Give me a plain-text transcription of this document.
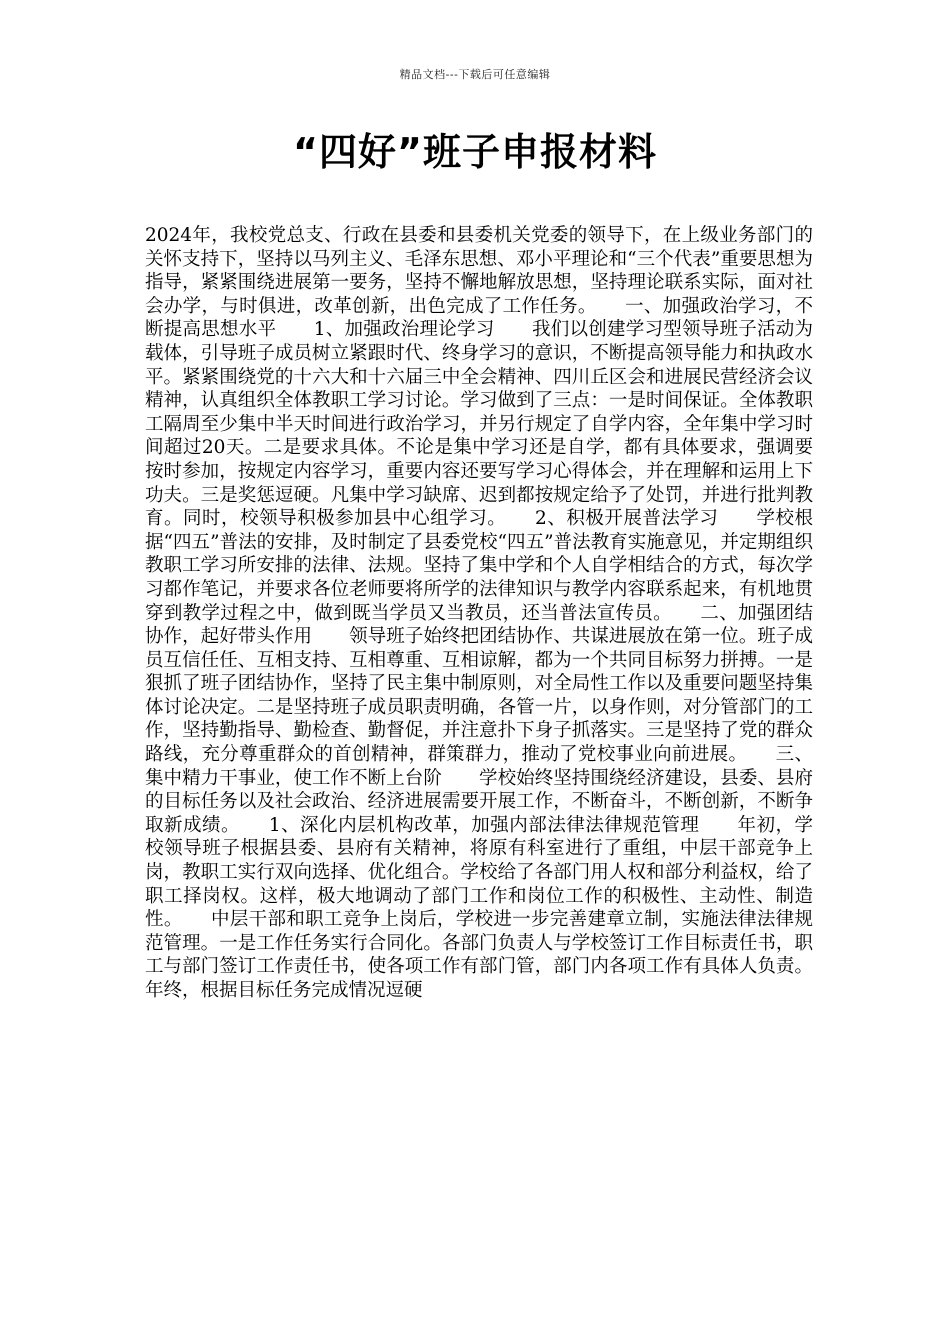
精品文档---下载后可任意编辑
“四好”班子申报材料

2024年，我校党总支、行政在县委和县委机关党委的领导下，在上级业务部门的关怀支持下，坚持以马列主义、毛泽东思想、邓小平理论和“三个代表”重要思想为指导，紧紧围绕进展第一要务，坚持不懈地解放思想，坚持理论联系实际，面对社会办学，与时俱进，改革创新，出色完成了工作任务。　　一、加强政治学习，不断提高思想水平　　1、加强政治理论学习　　我们以创建学习型领导班子活动为载体，引导班子成员树立紧跟时代、终身学习的意识，不断提高领导能力和执政水平。紧紧围绕党的十六大和十六届三中全会精神、四川丘区会和进展民营经济会议精神，认真组织全体教职工学习讨论。学习做到了三点：一是时间保证。全体教职工隔周至少集中半天时间进行政治学习，并另行规定了自学内容，全年集中学习时间超过20天。二是要求具体。不论是集中学习还是自学，都有具体要求，强调要按时参加，按规定内容学习，重要内容还要写学习心得体会，并在理解和运用上下功夫。三是奖惩逗硬。凡集中学习缺席、迟到都按规定给予了处罚，并进行批判教育。同时，校领导积极参加县中心组学习。　　2、积极开展普法学习　　学校根据“四五”普法的安排，及时制定了县委党校“四五”普法教育实施意见，并定期组织教职工学习所安排的法律、法规。坚持了集中学和个人自学相结合的方式，每次学习都作笔记，并要求各位老师要将所学的法律知识与教学内容联系起来，有机地贯穿到教学过程之中，做到既当学员又当教员，还当普法宣传员。　　二、加强团结协作，起好带头作用　　领导班子始终把团结协作、共谋进展放在第一位。班子成员互信任任、互相支持、互相尊重、互相谅解，都为一个共同目标努力拼搏。一是狠抓了班子团结协作，坚持了民主集中制原则，对全局性工作以及重要问题坚持集体讨论决定。二是坚持班子成员职责明确，各管一片，以身作则，对分管部门的工作，坚持勤指导、勤检查、勤督促，并注意扑下身子抓落实。三是坚持了党的群众路线，充分尊重群众的首创精神，群策群力，推动了党校事业向前进展。　　三、集中精力干事业，使工作不断上台阶　　学校始终坚持围绕经济建设，县委、县府的目标任务以及社会政治、经济进展需要开展工作，不断奋斗，不断创新，不断争取新成绩。　　1、深化内层机构改革，加强内部法律法律规范管理　　年初，学校领导班子根据县委、县府有关精神，将原有科室进行了重组，中层干部竞争上岗，教职工实行双向选择、优化组合。学校给了各部门用人权和部分利益权，给了职工择岗权。这样，极大地调动了部门工作和岗位工作的积极性、主动性、制造性。　　中层干部和职工竞争上岗后，学校进一步完善建章立制，实施法律法律规范管理。一是工作任务实行合同化。各部门负责人与学校签订工作目标责任书，职工与部门签订工作责任书，使各项工作有部门管，部门内各项工作有具体人负责。年终，根据目标任务完成情况逗硬
